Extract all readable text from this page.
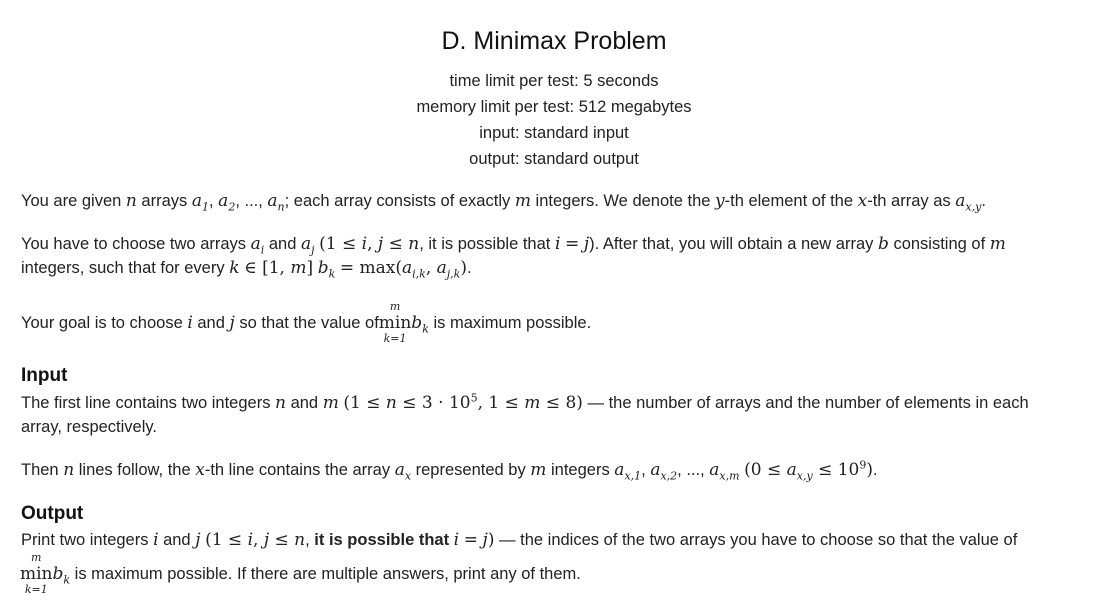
D. Minimax Problem
time limit per test: 5 seconds
memory limit per test: 512 megabytes
input: standard input
output: standard output
You are given n arrays $a_1$, $a_2$, ..., $a_n$; each array consists of exactly m integers. We denote the y-th element of the x-th array as $a_{x,y}$.
You have to choose two arrays $a_i$ and $a_j$ (1 ≤ i, j ≤ n, it is possible that i = j). After that, you will obtain a new array b consisting of m
integers, such that for every k ∈ [1, m] $b_k = \max(a_{i,k}$, $a_{j,k}$).
Your goal is to choose i and j so that the value of
m
min
k=1
$b_k$ is maximum possible.
Input
The first line contains two integers n and m ($1 \le n \le 3 \cdot 10^5$, 1 ≤ m ≤ 8) — the number of arrays and the number of elements in each
array, respectively.
Then n lines follow, the x-th line contains the array $a_x$ represented by m integers $a_{x,1}$, $a_{x,2}$, ..., $a_{x,m}$ $(0 \le a_{x,y} \le 10^9)$.
Output
Print two integers i and j (1 ≤ i, j ≤ n, it is possible that i = j) — the indices of the two arrays you have to choose so that the value of
m
min
k=1
$b_k$ is maximum possible. If there are multiple answers, print any of them.
